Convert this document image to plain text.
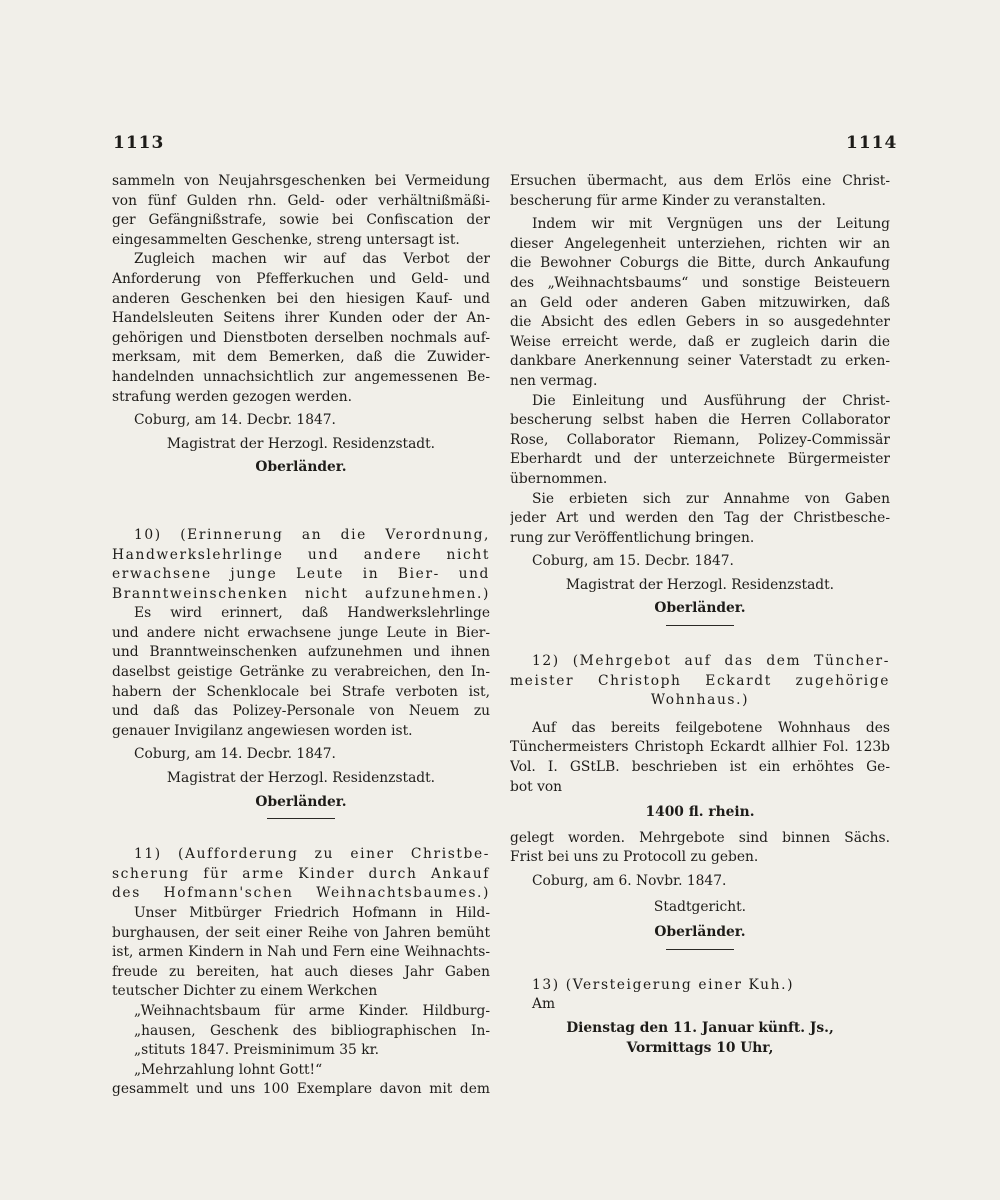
1113	1114
sammeln von Neujahrsgeschenken bei Vermeidung
von fünf Gulden rhn. Geld- oder verhältnißmäßi-
ger Gefängnißstrafe, sowie bei Confiscation der
eingesammelten Geschenke, streng untersagt ist.
Zugleich machen wir auf das Verbot der
Anforderung von Pfefferkuchen und Geld- und
anderen Geschenken bei den hiesigen Kauf- und
Handelsleuten Seitens ihrer Kunden oder der An-
gehörigen und Dienstboten derselben nochmals auf-
merksam, mit dem Bemerken, daß die Zuwider-
handelnden unnachsichtlich zur angemessenen Be-
strafung werden gezogen werden.
Coburg, am 14. Decbr. 1847.
Magistrat der Herzogl. Residenzstadt.
Oberländer.
10) (Erinnerung an die Verordnung,
Handwerkslehrlinge und andere nicht
erwachsene junge Leute in Bier- und
Branntweinschenken nicht aufzunehmen.)
Es wird erinnert, daß Handwerkslehrlinge
und andere nicht erwachsene junge Leute in Bier-
und Branntweinschenken aufzunehmen und ihnen
daselbst geistige Getränke zu verabreichen, den In-
habern der Schenklocale bei Strafe verboten ist,
und daß das Polizey-Personale von Neuem zu
genauer Invigilanz angewiesen worden ist.
Coburg, am 14. Decbr. 1847.
Magistrat der Herzogl. Residenzstadt.
Oberländer.
11) (Aufforderung zu einer Christbe-
scherung für arme Kinder durch Ankauf
des Hofmann'schen Weihnachtsbaumes.)
Unser Mitbürger Friedrich Hofmann in Hild-
burghausen, der seit einer Reihe von Jahren bemüht
ist, armen Kindern in Nah und Fern eine Weihnachts-
freude zu bereiten, hat auch dieses Jahr Gaben
teutscher Dichter zu einem Werkchen
„Weihnachtsbaum für arme Kinder. Hildburg-
„hausen, Geschenk des bibliographischen In-
„stituts 1847. Preisminimum 35 kr.
„Mehrzahlung lohnt Gott!“
gesammelt und uns 100 Exemplare davon mit dem
Ersuchen übermacht, aus dem Erlös eine Christ-
bescherung für arme Kinder zu veranstalten.
Indem wir mit Vergnügen uns der Leitung
dieser Angelegenheit unterziehen, richten wir an
die Bewohner Coburgs die Bitte, durch Ankaufung
des „Weihnachtsbaums“ und sonstige Beisteuern
an Geld oder anderen Gaben mitzuwirken, daß
die Absicht des edlen Gebers in so ausgedehnter
Weise erreicht werde, daß er zugleich darin die
dankbare Anerkennung seiner Vaterstadt zu erken-
nen vermag.
Die Einleitung und Ausführung der Christ-
bescherung selbst haben die Herren Collaborator
Rose, Collaborator Riemann, Polizey-Commissär
Eberhardt und der unterzeichnete Bürgermeister
übernommen.
Sie erbieten sich zur Annahme von Gaben
jeder Art und werden den Tag der Christbesche-
rung zur Veröffentlichung bringen.
Coburg, am 15. Decbr. 1847.
Magistrat der Herzogl. Residenzstadt.
Oberländer.
12) (Mehrgebot auf das dem Tüncher-
meister Christoph Eckardt zugehörige
Wohnhaus.)
Auf das bereits feilgebotene Wohnhaus des
Tünchermeisters Christoph Eckardt allhier Fol. 123b
Vol. I. GStLB. beschrieben ist ein erhöhtes Ge-
bot von
1400 fl. rhein.
gelegt worden. Mehrgebote sind binnen Sächs.
Frist bei uns zu Protocoll zu geben.
Coburg, am 6. Novbr. 1847.
Stadtgericht.
Oberländer.
13) (Versteigerung einer Kuh.)
Am
Dienstag den 11. Januar künft. Js.,
Vormittags 10 Uhr,
